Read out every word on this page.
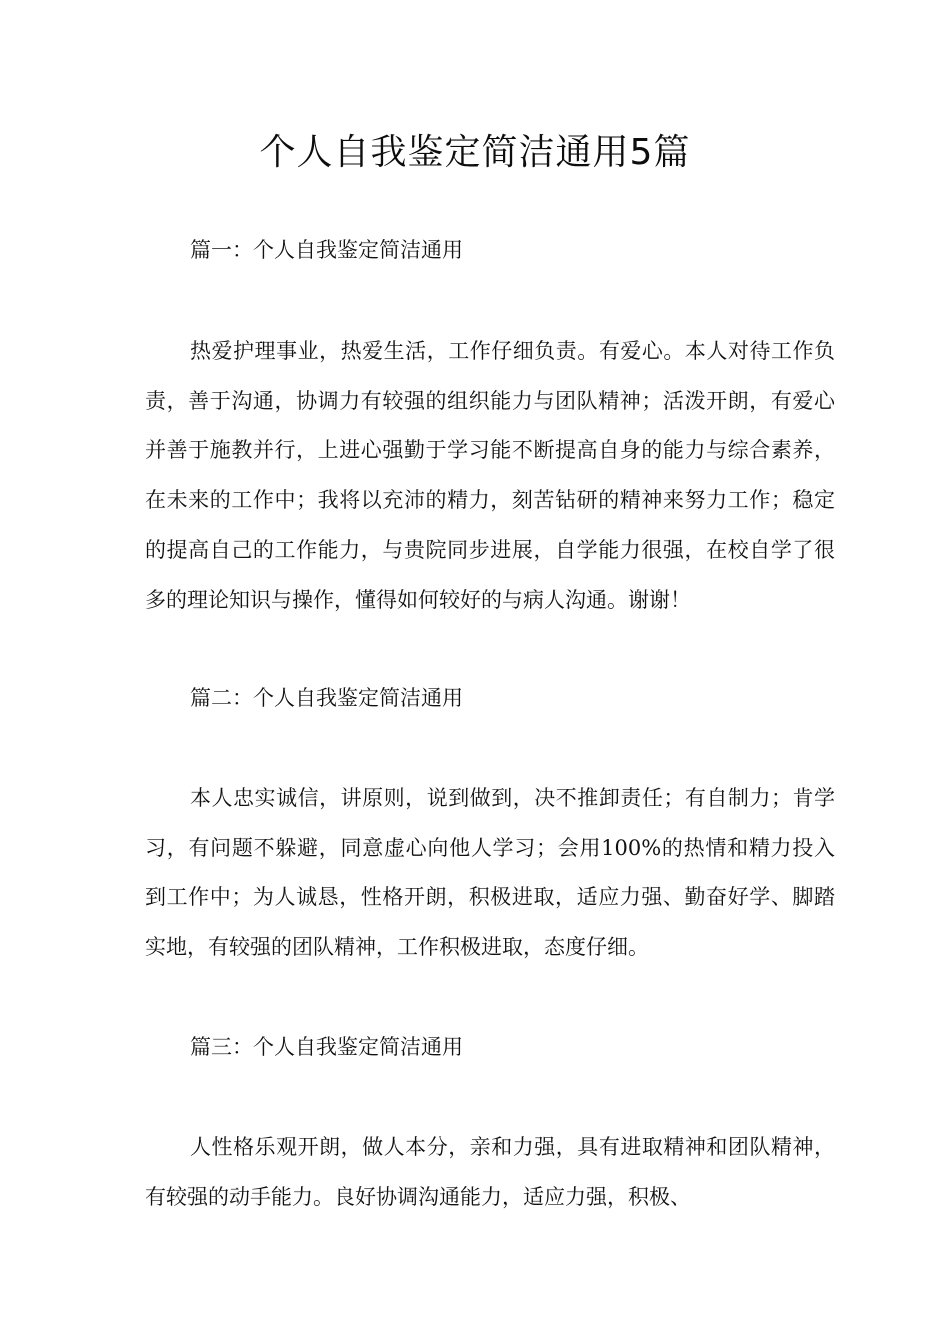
个人自我鉴定简洁通用5篇
篇一：个人自我鉴定简洁通用
热爱护理事业，热爱生活，工作仔细负责。有爱心。本人对待工作负责，善于沟通，协调力有较强的组织能力与团队精神；活泼开朗，有爱心并善于施教并行，上进心强勤于学习能不断提高自身的能力与综合素养，在未来的工作中；我将以充沛的精力，刻苦钻研的精神来努力工作；稳定的提高自己的工作能力，与贵院同步进展，自学能力很强，在校自学了很多的理论知识与操作，懂得如何较好的与病人沟通。谢谢！
篇二：个人自我鉴定简洁通用
本人忠实诚信，讲原则，说到做到，决不推卸责任；有自制力；肯学习，有问题不躲避，同意虚心向他人学习；会用100%的热情和精力投入到工作中；为人诚恳，性格开朗，积极进取，适应力强、勤奋好学、脚踏实地，有较强的团队精神，工作积极进取，态度仔细。
篇三：个人自我鉴定简洁通用
人性格乐观开朗，做人本分，亲和力强，具有进取精神和团队精神，有较强的动手能力。良好协调沟通能力，适应力强，积极、
